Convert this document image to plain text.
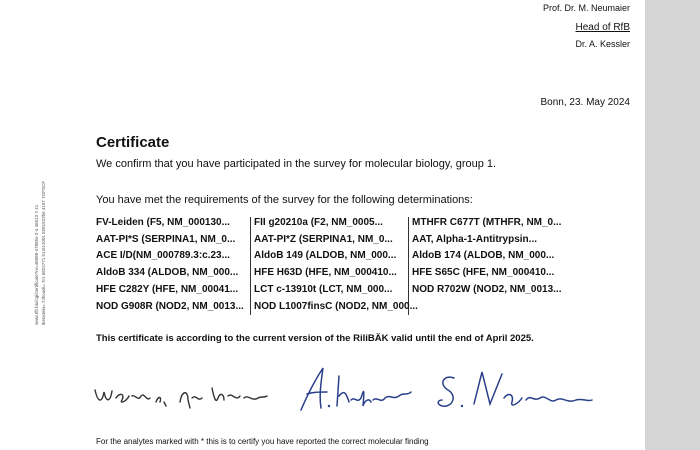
Prof. Dr. M. Neumaier
Head of RfB
Dr. A. Kessler
Bonn, 23. May 2024
Certificate
We confirm that you have participated in the survey for molecular biology, group 1.
You have met the requirements of the survey for the following determinations:
www.rfb.bio/cgi/certificate?rv=46888-47885v-2-4 46613 2 41 Ikenstein= 7Jboadr= 7r1 6822771 514/41001 8281522b6 4197 7GPSCF	FV-Leiden (F5, NM_000130... FII g20210a (F2, NM_0005...	MTHFR C677T (MTHFR, NM_0...
AAT-PI*S (SERPINA1, NM_0... AAT-PI*Z (SERPINA1, NM_0... AAT, Alpha-1-Antitrypsin...
ACE I/D(NM_000789.3:c.23... AldoB 149 (ALDOB, NM_000... AldoB 174 (ALDOB, NM_000...
AldoB 334 (ALDOB, NM_000... HFE H63D (HFE, NM_000410... HFE S65C (HFE, NM_000410...
HFE C282Y (HFE, NM_00041... LCT c-13910t (LCT, NM_000... NOD R702W (NOD2, NM_0013...
NOD G908R (NOD2, NM_0013... NOD L1007finsC (NOD2, NM_000...
This certificate is according to the current version of the RiliBÄK valid until the end of April 2025.
For the analytes marked with * this is to certify you have reported the correct molecular finding
